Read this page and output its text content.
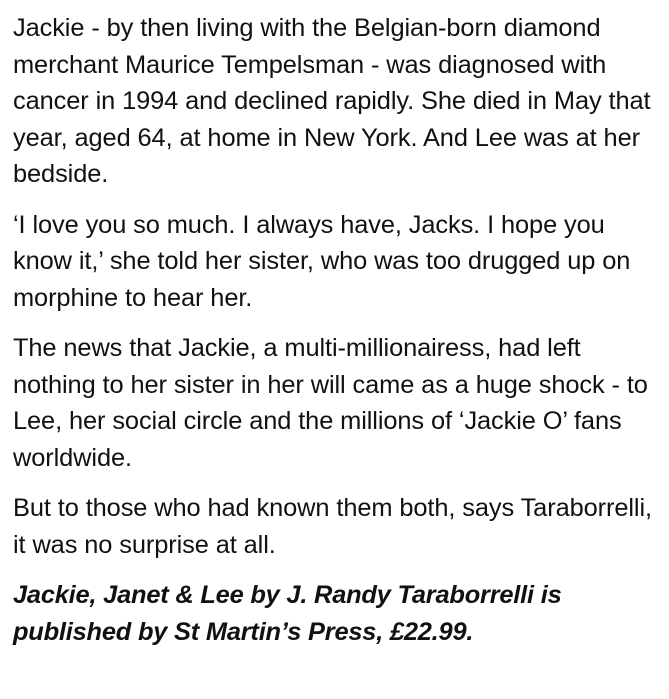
Jackie - by then living with the Belgian-born diamond merchant Maurice Tempelsman - was diagnosed with cancer in 1994 and declined rapidly. She died in May that year, aged 64, at home in New York. And Lee was at her bedside.

‘I love you so much. I always have, Jacks. I hope you know it,’ she told her sister, who was too drugged up on morphine to hear her.

The news that Jackie, a multi-millionairess, had left nothing to her sister in her will came as a huge shock - to Lee, her social circle and the millions of ‘Jackie O’ fans worldwide.

But to those who had known them both, says Taraborrelli, it was no surprise at all.

Jackie, Janet & Lee by J. Randy Taraborrelli is published by St Martin’s Press, £22.99.
